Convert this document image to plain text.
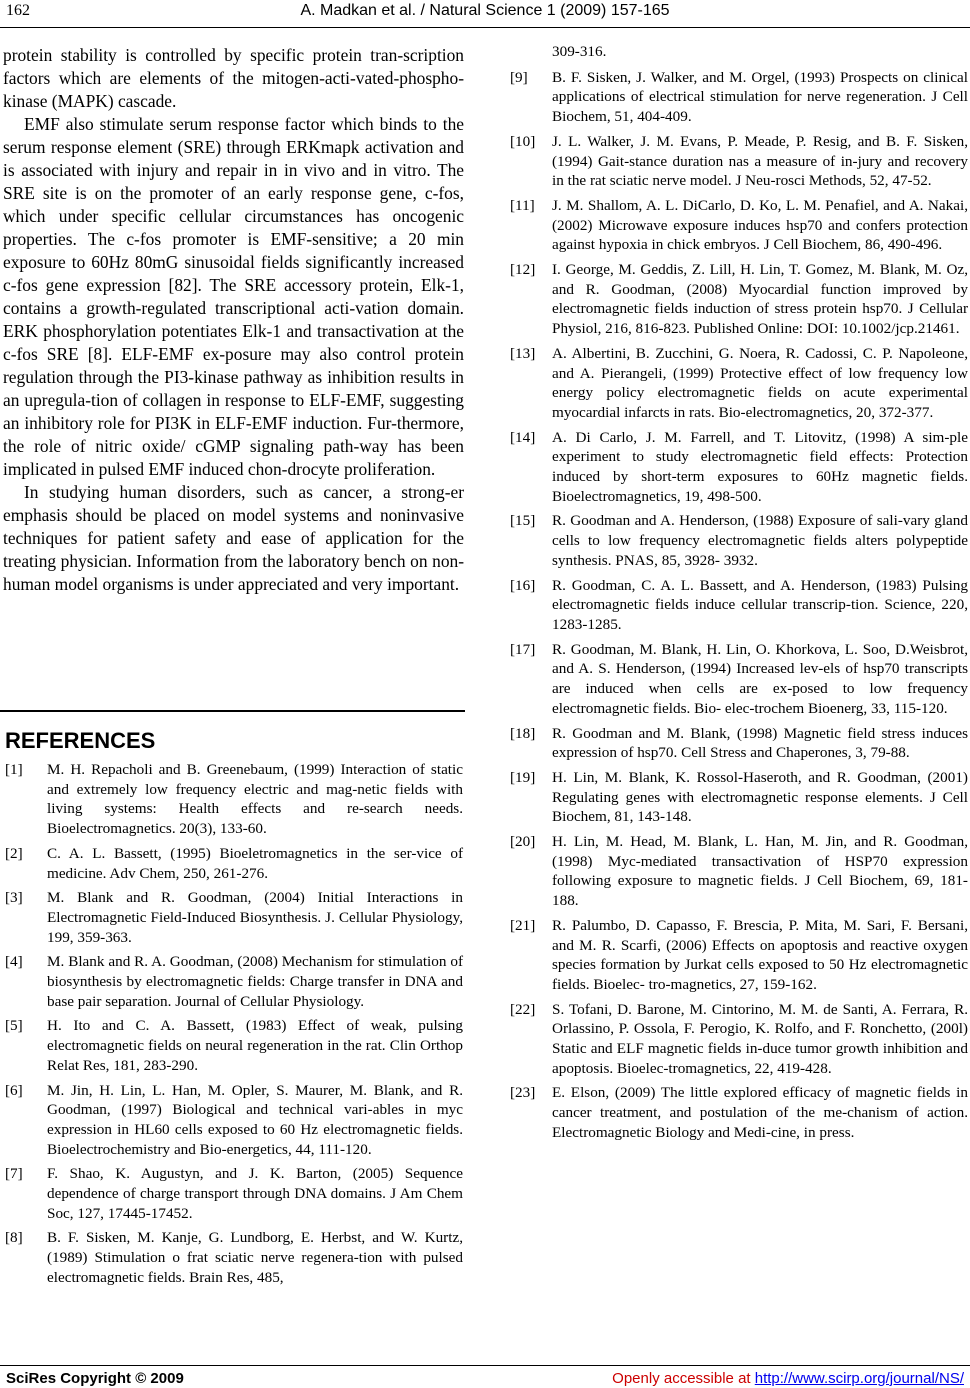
162	A. Madkan et al. / Natural Science 1 (2009) 157-165

protein stability is controlled by specific protein tran-scription factors which are elements of the mitogen-acti-vated-phospho-kinase (MAPK) cascade.

EMF also stimulate serum response factor which binds to the serum response element (SRE) through ERKmapk activation and is associated with injury and repair in in vivo and in vitro. The SRE site is on the promoter of an early response gene, c-fos, which under specific cellular circumstances has oncogenic properties. The c-fos promoter is EMF-sensitive; a 20 min exposure to 60Hz 80mG sinusoidal fields significantly increased c-fos gene expression [82]. The SRE accessory protein, Elk-1, contains a growth-regulated transcriptional acti-vation domain. ERK phosphorylation potentiates Elk-1 and transactivation at the c-fos SRE [8]. ELF-EMF ex-posure may also control protein regulation through the PI3-kinase pathway as inhibition results in an upregula-tion of collagen in response to ELF-EMF, suggesting an inhibitory role for PI3K in ELF-EMF induction. Fur-thermore, the role of nitric oxide/ cGMP signaling path-way has been implicated in pulsed EMF induced chon-drocyte proliferation.

In studying human disorders, such as cancer, a strong-er emphasis should be placed on model systems and noninvasive techniques for patient safety and ease of application for the treating physician. Information from the laboratory bench on non-human model organisms is under appreciated and very important.

REFERENCES
[1] M. H. Repacholi and B. Greenebaum, (1999) Interaction of static and extremely low frequency electric and mag-netic fields with living systems: Health effects and re-search needs. Bioelectromagnetics. 20(3), 133-60.
[2] C. A. L. Bassett, (1995) Bioeletromagnetics in the ser-vice of medicine. Adv Chem, 250, 261-276.
[3] M. Blank and R. Goodman, (2004) Initial Interactions in Electromagnetic Field-Induced Biosynthesis. J. Cellular Physiology, 199, 359-363.
[4] M. Blank and R. A. Goodman, (2008) Mechanism for stimulation of biosynthesis by electromagnetic fields: Charge transfer in DNA and base pair separation. Journal of Cellular Physiology.
[5] H. Ito and C. A. Bassett, (1983) Effect of weak, pulsing electromagnetic fields on neural regeneration in the rat. Clin Orthop Relat Res, 181, 283-290.
[6] M. Jin, H. Lin, L. Han, M. Opler, S. Maurer, M. Blank, and R. Goodman, (1997) Biological and technical vari-ables in myc expression in HL60 cells exposed to 60 Hz electromagnetic fields. Bioelectrochemistry and Bio-energetics, 44, 111-120.
[7] F. Shao, K. Augustyn, and J. K. Barton, (2005) Sequence dependence of charge transport through DNA domains. J Am Chem Soc, 127, 17445-17452.
[8] B. F. Sisken, M. Kanje, G. Lundborg, E. Herbst, and W. Kurtz, (1989) Stimulation o frat sciatic nerve regenera-tion with pulsed electromagnetic fields. Brain Res, 485,
309-316.
[9] B. F. Sisken, J. Walker, and M. Orgel, (1993) Prospects on clinical applications of electrical stimulation for nerve regeneration. J Cell Biochem, 51, 404-409.
[10] J. L. Walker, J. M. Evans, P. Meade, P. Resig, and B. F. Sisken, (1994) Gait-stance duration nas a measure of in-jury and recovery in the rat sciatic nerve model. J Neu-rosci Methods, 52, 47-52.
[11] J. M. Shallom, A. L. DiCarlo, D. Ko, L. M. Penafiel, and A. Nakai, (2002) Microwave exposure induces hsp70 and confers protection against hypoxia in chick embryos. J Cell Biochem, 86, 490-496.
[12] I. George, M. Geddis, Z. Lill, H. Lin, T. Gomez, M. Blank, M. Oz, and R. Goodman, (2008) Myocardial function improved by electromagnetic fields induction of stress protein hsp70. J Cellular Physiol, 216, 816-823. Published Online: DOI: 10.1002/jcp.21461.
[13] A. Albertini, B. Zucchini, G. Noera, R. Cadossi, C. P. Napoleone, and A. Pierangeli, (1999) Protective effect of low frequency low energy policy electromagnetic fields on acute experimental myocardial infarcts in rats. Bio-electromagnetics, 20, 372-377.
[14] A. Di Carlo, J. M. Farrell, and T. Litovitz, (1998) A sim-ple experiment to study electromagnetic field effects: Protection induced by short-term exposures to 60Hz magnetic fields. Bioelectromagnetics, 19, 498-500.
[15] R. Goodman and A. Henderson, (1988) Exposure of sali-vary gland cells to low frequency electromagnetic fields alters polypeptide synthesis. PNAS, 85, 3928- 3932.
[16] R. Goodman, C. A. L. Bassett, and A. Henderson, (1983) Pulsing electromagnetic fields induce cellular transcrip-tion. Science, 220, 1283-1285.
[17] R. Goodman, M. Blank, H. Lin, O. Khorkova, L. Soo, D.Weisbrot, and A. S. Henderson, (1994) Increased lev-els of hsp70 transcripts are induced when cells are ex-posed to low frequency electromagnetic fields. Bio- elec-trochem Bioenerg, 33, 115-120.
[18] R. Goodman and M. Blank, (1998) Magnetic field stress induces expression of hsp70. Cell Stress and Chaperones, 3, 79-88.
[19] H. Lin, M. Blank, K. Rossol-Haseroth, and R. Goodman, (2001) Regulating genes with electromagnetic response elements. J Cell Biochem, 81, 143-148.
[20] H. Lin, M. Head, M. Blank, L. Han, M. Jin, and R. Goodman, (1998) Myc-mediated transactivation of HSP70 expression following exposure to magnetic fields. J Cell Biochem, 69, 181-188.
[21] R. Palumbo, D. Capasso, F. Brescia, P. Mita, M. Sari, F. Bersani, and M. R. Scarfi, (2006) Effects on apoptosis and reactive oxygen species formation by Jurkat cells exposed to 50 Hz electromagnetic fields. Bioelec- tro-magnetics, 27, 159-162.
[22] S. Tofani, D. Barone, M. Cintorino, M. M. de Santi, A. Ferrara, R. Orlassino, P. Ossola, F. Perogio, K. Rolfo, and F. Ronchetto, (200l) Static and ELF magnetic fields in-duce tumor growth inhibition and apoptosis. Bioelec-tromagnetics, 22, 419-428.
[23] E. Elson, (2009) The little explored efficacy of magnetic fields in cancer treatment, and postulation of the me-chanism of action. Electromagnetic Biology and Medi-cine, in press.
SciRes Copyright © 2009	Openly accessible at http://www.scirp.org/journal/NS/
